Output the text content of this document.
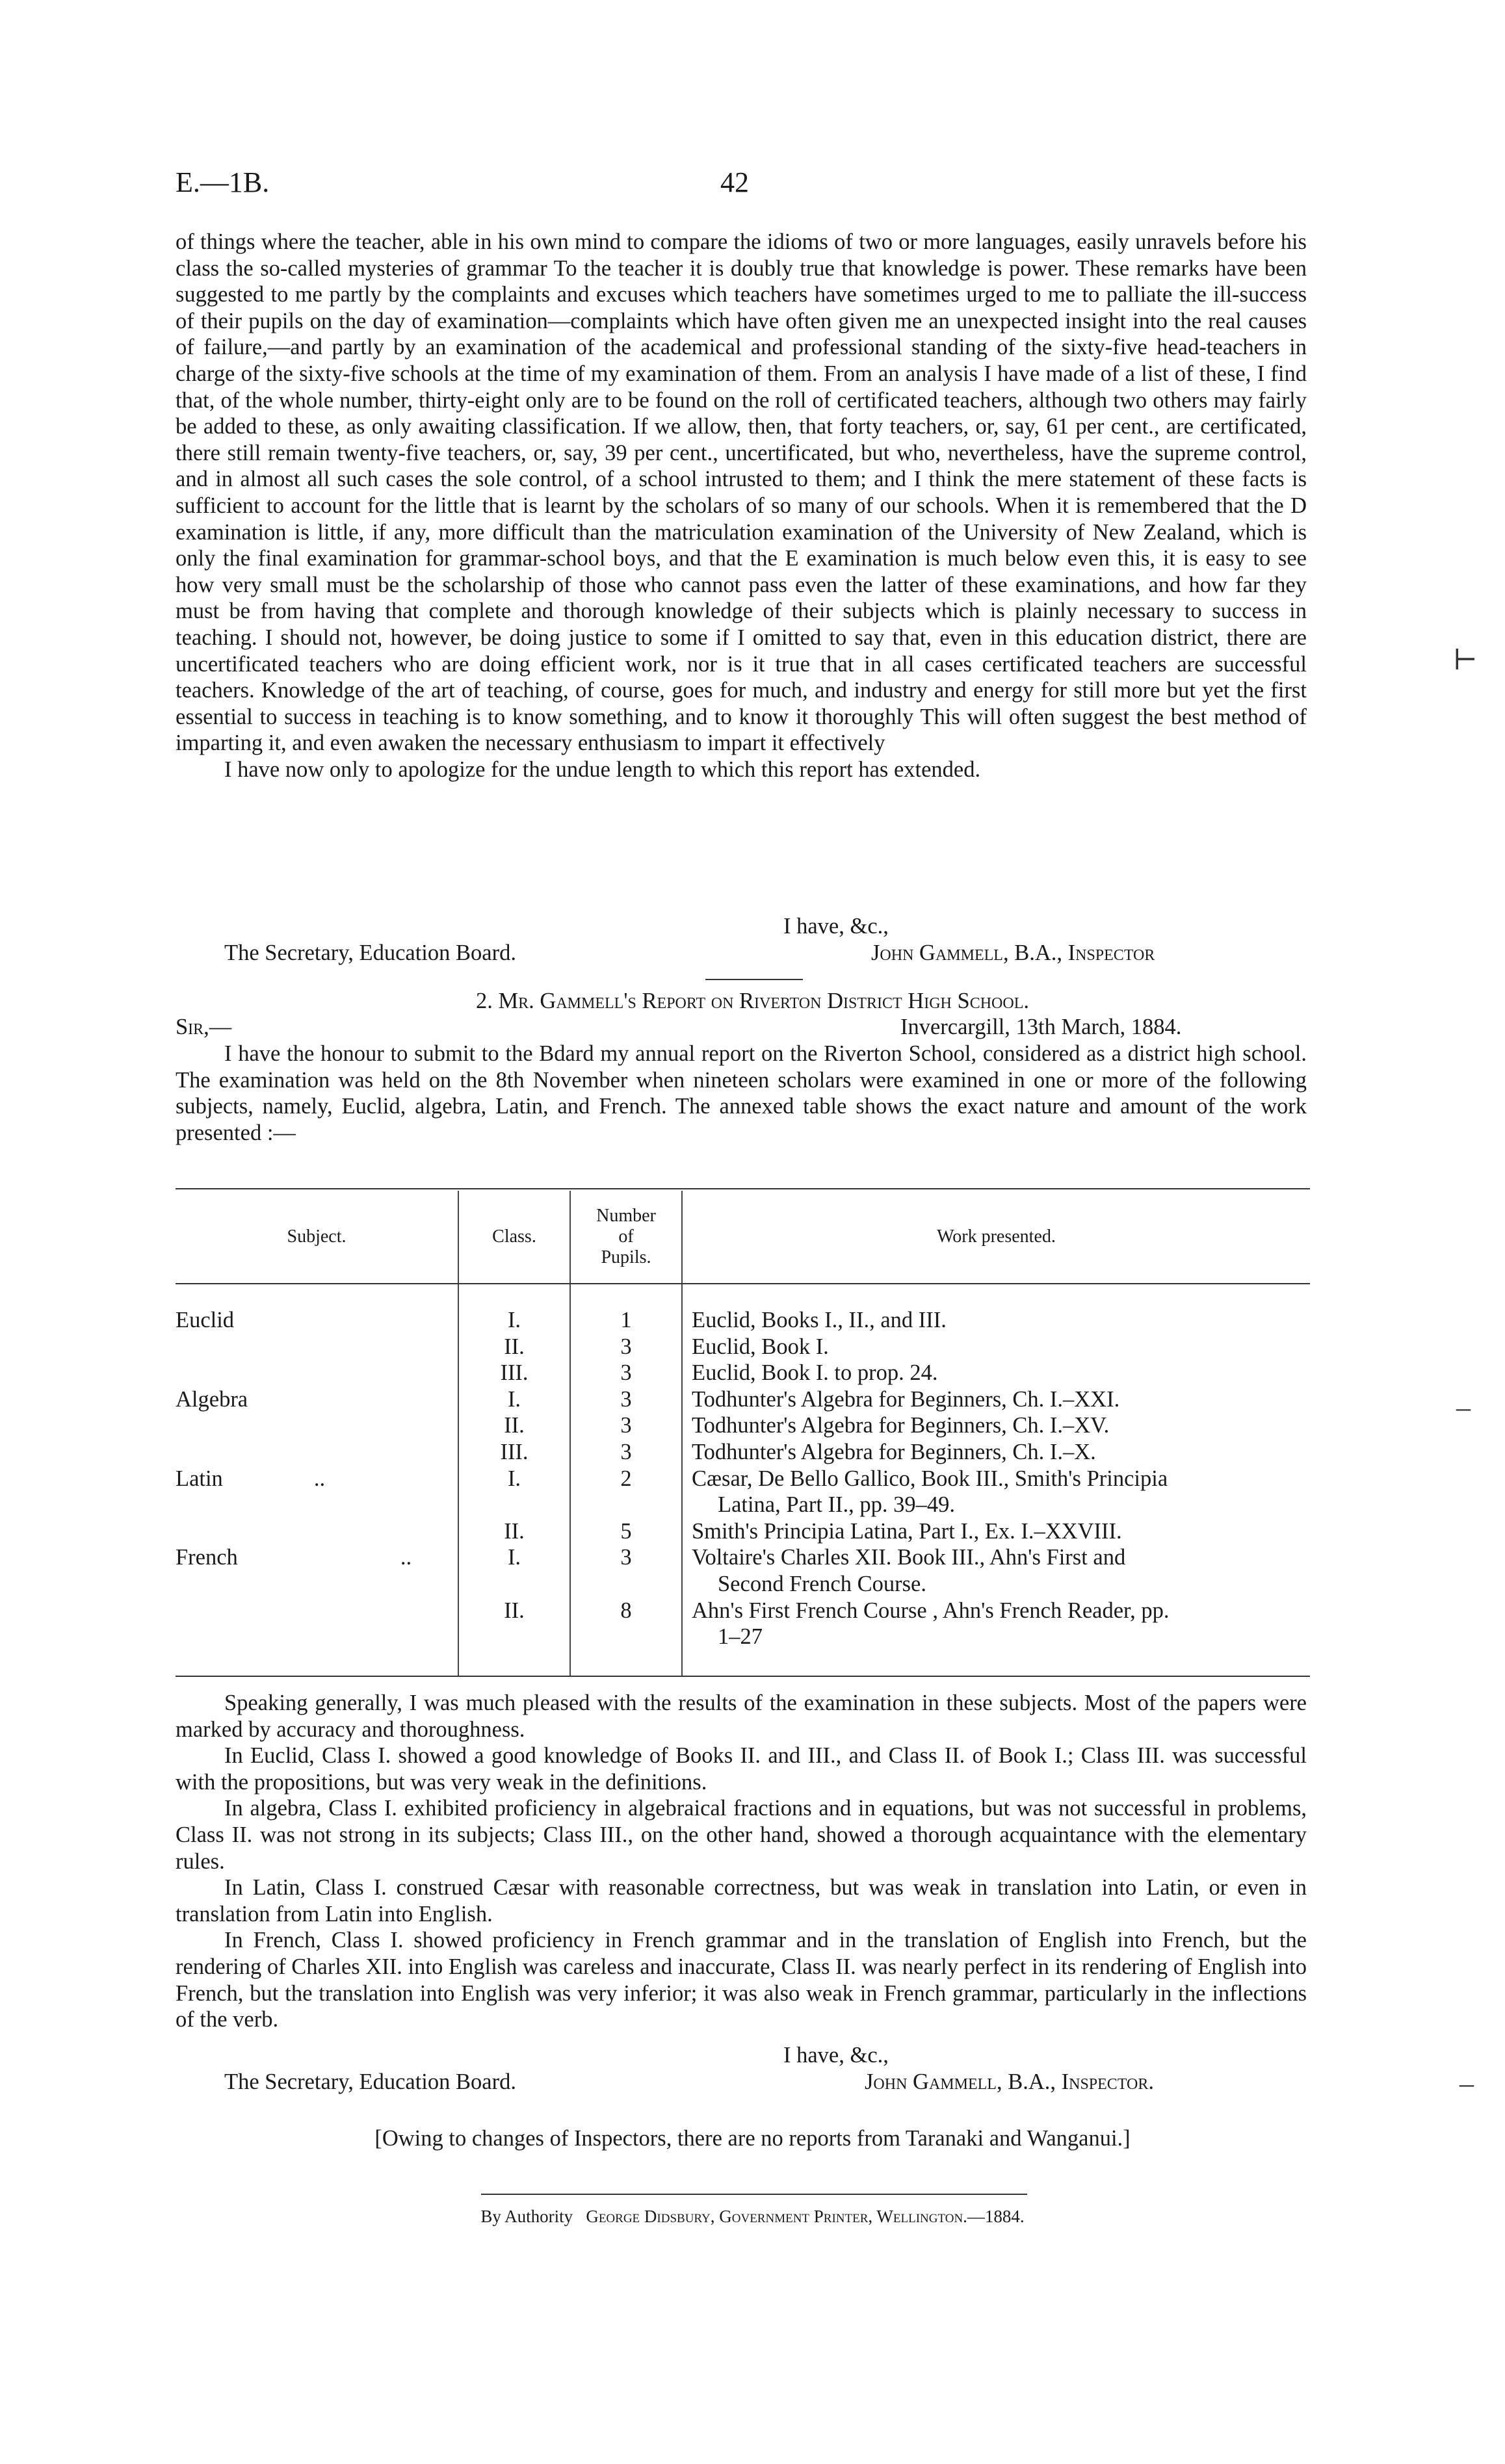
E.—1B.	42

of things where the teacher, able in his own mind to compare the idioms of two or more languages, easily unravels before his class the so-called mysteries of grammar To the teacher it is doubly true that knowledge is power. These remarks have been suggested to me partly by the complaints and excuses which teachers have sometimes urged to me to palliate the ill-success of their pupils on the day of examination—complaints which have often given me an unexpected insight into the real causes of failure,—and partly by an examination of the academical and professional standing of the sixty-five head-teachers in charge of the sixty-five schools at the time of my examination of them. From an analysis I have made of a list of these, I find that, of the whole number, thirty-eight only are to be found on the roll of certificated teachers, although two others may fairly be added to these, as only awaiting classification. If we allow, then, that forty teachers, or, say, 61 per cent., are certificated, there still remain twenty-five teachers, or, say, 39 per cent., uncertificated, but who, nevertheless, have the supreme control, and in almost all such cases the sole control, of a school intrusted to them; and I think the mere statement of these facts is sufficient to account for the little that is learnt by the scholars of so many of our schools. When it is remembered that the D examination is little, if any, more difficult than the matriculation examination of the University of New Zealand, which is only the final examination for grammar-school boys, and that the E examination is much below even this, it is easy to see how very small must be the scholarship of those who cannot pass even the latter of these examinations, and how far they must be from having that complete and thorough knowledge of their subjects which is plainly necessary to success in teaching. I should not, however, be doing justice to some if I omitted to say that, even in this education district, there are uncertificated teachers who are doing efficient work, nor is it true that in all cases certificated teachers are successful teachers. Knowledge of the art of teaching, of course, goes for much, and industry and energy for still more but yet the first essential to success in teaching is to know something, and to know it thoroughly This will often suggest the best method of imparting it, and even awaken the necessary enthusiasm to impart it effectively

I have now only to apologize for the undue length to which this report has extended.

I have, &c.,
The Secretary, Education Board.	John Gammell, B.A., Inspector
2. Mr. Gammell's Report on Riverton District High School.
Sir,—	Invercargill, 13th March, 1884.

I have the honour to submit to the Bdard my annual report on the Riverton School, considered as a district high school. The examination was held on the 8th November when nineteen scholars were examined in one or more of the following subjects, namely, Euclid, algebra, Latin, and French. The annexed table shows the exact nature and amount of the work presented :—

Subject.	Class.	Number
of
Pupils.	Work presented.

Euclid	I.	1	Euclid, Books I., II., and III.
	II.	3	Euclid, Book I.
	III.	3	Euclid, Book I. to prop. 24.
Algebra	I.	3	Todhunter's Algebra for Beginners, Ch. I.–XXI.
	II.	3	Todhunter's Algebra for Beginners, Ch. I.–XV.
	III.	3	Todhunter's Algebra for Beginners, Ch. I.–X.
Latin ..	I.	2	Cæsar, De Bello Gallico, Book III., Smith's Principia
Latina, Part II., pp. 39–49.
	II.	5	Smith's Principia Latina, Part I., Ex. I.–XXVIII.
French ..	I.	3	Voltaire's Charles XII. Book III., Ahn's First and
Second French Course.
	II.	8	Ahn's First French Course , Ahn's French Reader, pp.
1–27

Speaking generally, I was much pleased with the results of the examination in these subjects. Most of the papers were marked by accuracy and thoroughness.

In Euclid, Class I. showed a good knowledge of Books II. and III., and Class II. of Book I.; Class III. was successful with the propositions, but was very weak in the definitions.

In algebra, Class I. exhibited proficiency in algebraical fractions and in equations, but was not successful in problems, Class II. was not strong in its subjects; Class III., on the other hand, showed a thorough acquaintance with the elementary rules.

In Latin, Class I. construed Cæsar with reasonable correctness, but was weak in translation into Latin, or even in translation from Latin into English.

In French, Class I. showed proficiency in French grammar and in the translation of English into French, but the rendering of Charles XII. into English was careless and inaccurate, Class II. was nearly perfect in its rendering of English into French, but the translation into English was very inferior; it was also weak in French grammar, particularly in the inflections of the verb.

I have, &c.,
The Secretary, Education Board.	John Gammell, B.A., Inspector.
[Owing to changes of Inspectors, there are no reports from Taranaki and Wanganui.]
By Authority George Didsbury, Government Printer, Wellington.—1884.
⊢
–
‒
